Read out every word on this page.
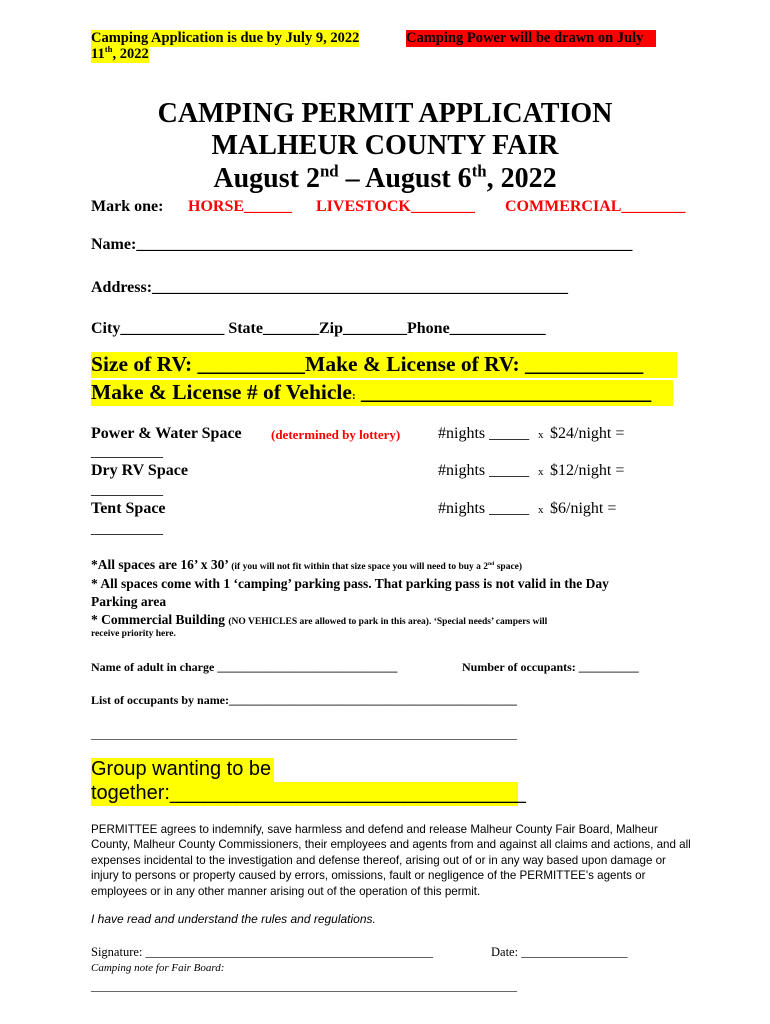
Camping Application is due by July 9, 2022
11th, 2022
Camping Power will be drawn on July
CAMPING PERMIT APPLICATION
MALHEUR COUNTY FAIR
August 2nd – August 6th, 2022
Mark one: HORSE______ LIVESTOCK________ COMMERCIAL________
Name:______________________________________________________________
Address:____________________________________________________
City_____________ State_______Zip________Phone____________
Size of RV: __________Make & License of RV: ___________
Make & License # of Vehicle: ___________________________
Power & Water Space (determined by lottery) #nights _____ x $24/night =
_________
Dry RV Space	#nights _____ x $12/night =
_________
Tent Space	#nights _____ x $6/night =
_________
*All spaces are 16’ x 30’ (if you will not fit within that size space you will need to buy a 2nd space)
* All spaces come with 1 ‘camping’ parking pass. That parking pass is not valid in the Day
Parking area
* Commercial Building (NO VEHICLES are allowed to park in this area). ‘Special needs’ campers will
receive priority here.
Name of adult in charge ______________________________	Number of occupants: __________
List of occupants by name:________________________________________________
_______________________________________________________________________
Group wanting to be
together:________________________________
PERMITTEE agrees to indemnify, save harmless and defend and release Malheur County Fair Board, Malheur County, Malheur County Commissioners, their employees and agents from and against all claims and actions, and all expenses incidental to the investigation and defense thereof, arising out of or in any way based upon damage or injury to persons or property caused by errors, omissions, fault or negligence of the PERMITTEE's agents or employees or in any other manner arising out of the operation of this permit.
I have read and understand the rules and regulations.
Signature: ______________________________________________	Date: _________________
Camping note for Fair Board:
_______________________________________________________________________
